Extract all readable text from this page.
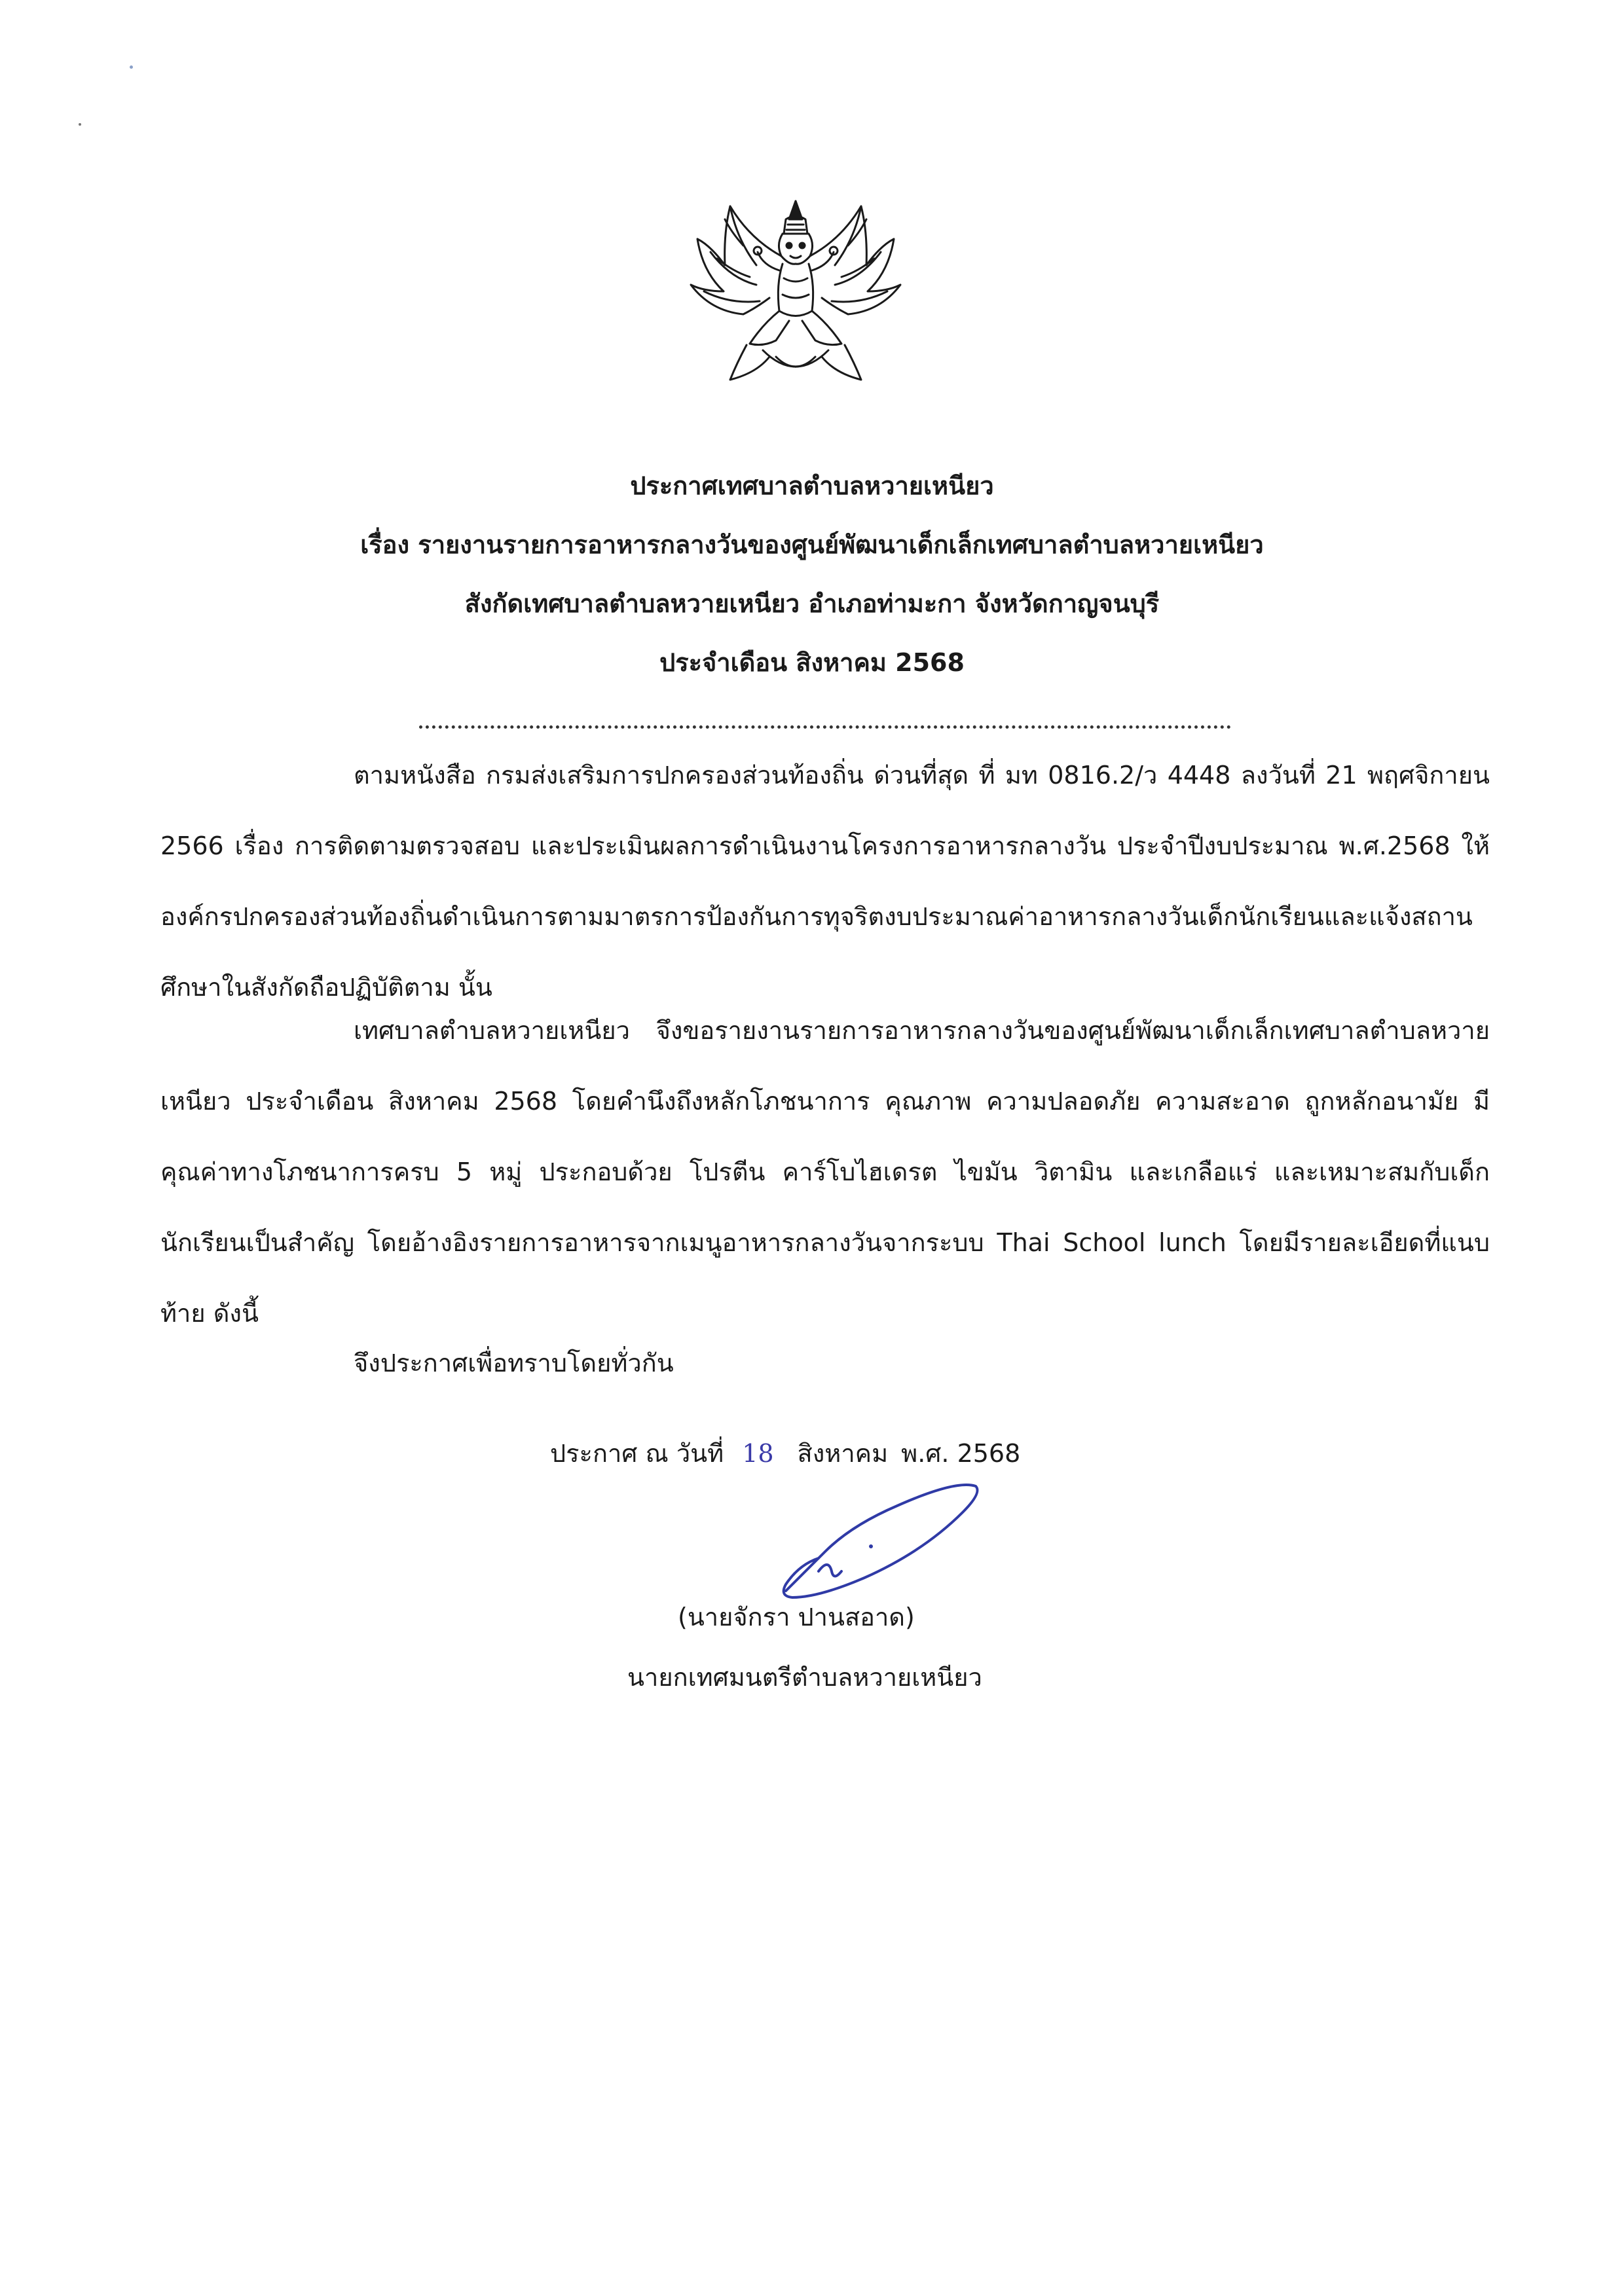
ประกาศเทศบาลตำบลหวายเหนียว
เรื่อง รายงานรายการอาหารกลางวันของศูนย์พัฒนาเด็กเล็กเทศบาลตำบลหวายเหนียว
สังกัดเทศบาลตำบลหวายเหนียว อำเภอท่ามะกา จังหวัดกาญจนบุรี
ประจำเดือน สิงหาคม 2568

ตามหนังสือ กรมส่งเสริมการปกครองส่วนท้องถิ่น ด่วนที่สุด ที่ มท 0816.2/ว 4448 ลงวันที่ 21 พฤศจิกายน 2566 เรื่อง การติดตามตรวจสอบ และประเมินผลการดำเนินงานโครงการอาหารกลางวัน ประจำปีงบประมาณ พ.ศ.2568 ให้องค์กรปกครองส่วนท้องถิ่นดำเนินการตามมาตรการป้องกันการทุจริตงบประมาณค่าอาหารกลางวันเด็กนักเรียนและแจ้งสถานศึกษาในสังกัดถือปฏิบัติตาม นั้น

เทศบาลตำบลหวายเหนียว จึงขอรายงานรายการอาหารกลางวันของศูนย์พัฒนาเด็กเล็กเทศบาลตำบลหวายเหนียว ประจำเดือน สิงหาคม 2568 โดยคำนึงถึงหลักโภชนาการ คุณภาพ ความปลอดภัย ความสะอาด ถูกหลักอนามัย มีคุณค่าทางโภชนาการครบ 5 หมู่ ประกอบด้วย โปรตีน คาร์โบไฮเดรต ไขมัน วิตามิน และเกลือแร่ และเหมาะสมกับเด็กนักเรียนเป็นสำคัญ โดยอ้างอิงรายการอาหารจากเมนูอาหารกลางวันจากระบบ Thai School lunch โดยมีรายละเอียดที่แนบท้าย ดังนี้

จึงประกาศเพื่อทราบโดยทั่วกัน
ประกาศ ณ วันที่ 18 สิงหาคม พ.ศ. 2568
(นายจักรา ปานสอาด)
นายกเทศมนตรีตำบลหวายเหนียว
